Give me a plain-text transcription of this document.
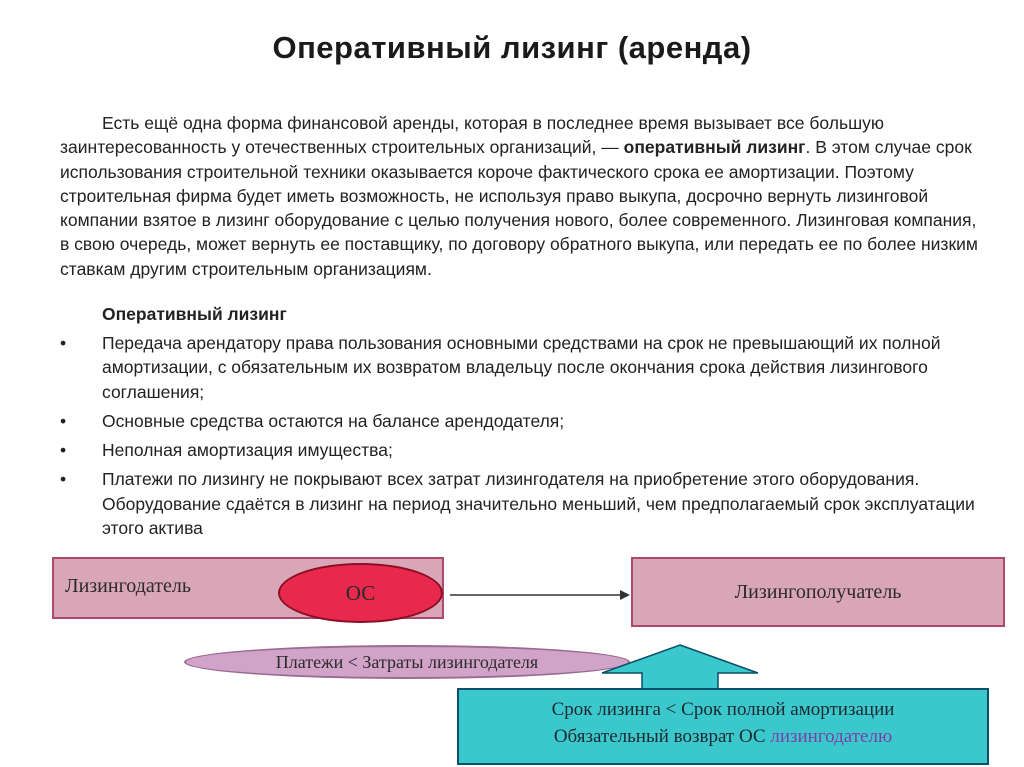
Оперативный лизинг (аренда)
Есть ещё одна форма финансовой аренды, которая в последнее время вызывает все большую заинтересованность у отечественных строительных организаций, — оперативный лизинг. В этом случае срок использования строительной техники оказывается короче фактического срока ее амортизации. Поэтому строительная фирма будет иметь возможность, не используя право выкупа, досрочно вернуть лизинговой компании взятое в лизинг оборудование с целью получения нового, более современного. Лизинговая компания, в свою очередь, может вернуть ее поставщику, по договору обратного выкупа, или передать ее по более низким ставкам другим строительным организациям.
Оперативный лизинг
•	Передача арендатору права пользования основными средствами на срок не превышающий их полной амортизации, с обязательным их возвратом владельцу после окончания срока действия лизингового соглашения;
•	Основные средства остаются на балансе арендодателя;
•	Неполная амортизация имущества;
•	Платежи по лизингу не покрывают всех затрат лизингодателя на приобретение этого оборудования. Оборудование сдаётся в лизинг на период значительно меньший, чем предполагаемый срок эксплуатации этого актива
Лизингодатель	ОС	Лизингополучатель
Платежи < Затраты лизингодателя
Срок лизинга < Срок полной амортизации
Обязательный возврат ОС лизингодателю
